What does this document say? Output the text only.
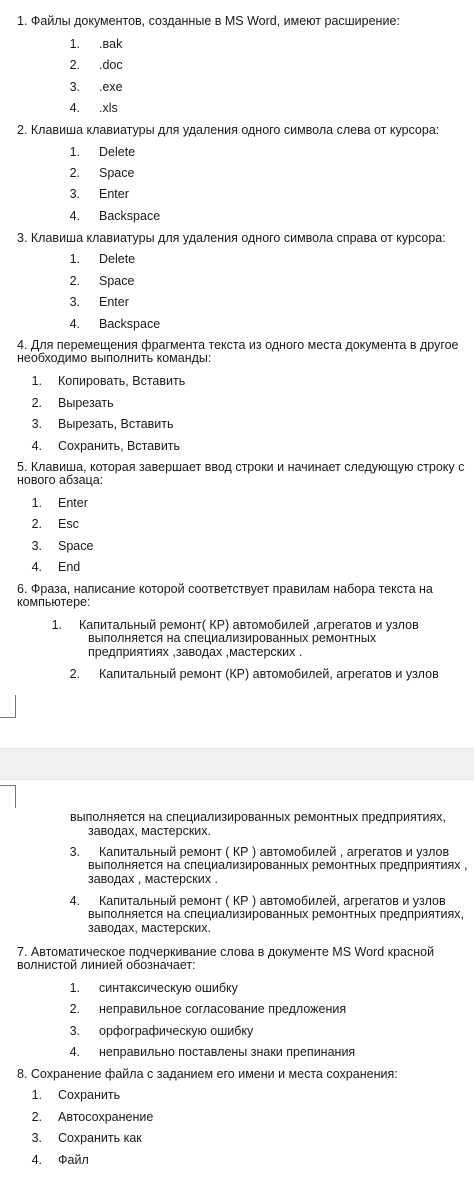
1. Файлы документов, созданные в MS Word, имеют расширение:
1. .вak
2. .doc
3. .exe
4. .xls
2. Клавиша клавиатуры для удаления одного символа слева от курсора:
1. Delete
2. Space
3. Enter
4. Backspace
3. Клавиша клавиатуры для удаления одного символа справа от курсора:
1. Delete
2. Space
3. Enter
4. Backspace
4. Для перемещения фрагмента текста из одного места документа в другое
необходимо выполнить команды:
1. Копировать, Вставить
2. Вырезать
3. Вырезать, Вставить
4. Сохранить, Вставить
5. Клавиша, которая завершает ввод строки и начинает следующую строку с
нового абзаца:
1. Enter
2. Esc
3. Space
4. End
6. Фраза, написание которой соответствует правилам набора текста на
компьютере:
1. Капитальный ремонт( КР) автомобилей ,агрегатов и узлов
выполняется на специализированных ремонтных
предприятиях ,заводах ,мастерских .
2. Капитальный ремонт (КР) автомобилей, агрегатов и узлов
выполняется на специализированных ремонтных предприятиях,
заводах, мастерских.
3. Капитальный ремонт ( КР ) автомобилей , агрегатов и узлов
выполняется на специализированных ремонтных предприятиях ,
заводах , мастерских .
4. Капитальный ремонт ( КР ) автомобилей, агрегатов и узлов
выполняется на специализированных ремонтных предприятиях,
заводах, мастерских.
7. Автоматическое подчеркивание слова в документе MS Word красной
волнистой линией обозначает:
1. синтаксическую ошибку
2. неправильное согласование предложения
3. орфографическую ошибку
4. неправильно поставлены знаки препинания
8. Сохранение файла с заданием его имени и места сохранения:
1. Сохранить
2. Автосохранение
3. Сохранить как
4. Файл
